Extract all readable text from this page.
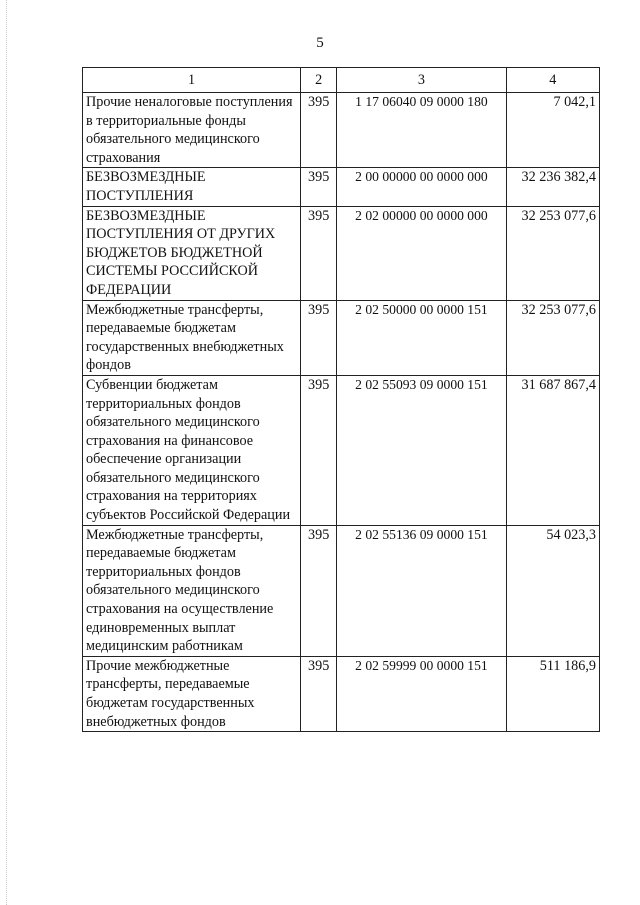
5
1	2	3	4
Прочие неналоговые поступления в территориальные фонды обязательного медицинского страхования	395	1 17 06040 09 0000 180	7 042,1
БЕЗВОЗМЕЗДНЫЕ ПОСТУПЛЕНИЯ	395	2 00 00000 00 0000 000	32 236 382,4
БЕЗВОЗМЕЗДНЫЕ ПОСТУПЛЕНИЯ ОТ ДРУГИХ БЮДЖЕТОВ БЮДЖЕТНОЙ СИСТЕМЫ РОССИЙСКОЙ ФЕДЕРАЦИИ	395	2 02 00000 00 0000 000	32 253 077,6
Межбюджетные трансферты, передаваемые бюджетам государственных внебюджетных фондов	395	2 02 50000 00 0000 151	32 253 077,6
Субвенции бюджетам территориальных фондов обязательного медицинского страхования на финансовое обеспечение организации обязательного медицинского страхования на территориях субъектов Российской Федерации	395	2 02 55093 09 0000 151	31 687 867,4
Межбюджетные трансферты, передаваемые бюджетам территориальных фондов обязательного медицинского страхования на осуществление единовременных выплат медицинским работникам	395	2 02 55136 09 0000 151	54 023,3
Прочие межбюджетные трансферты, передаваемые бюджетам государственных внебюджетных фондов	395	2 02 59999 00 0000 151	511 186,9
